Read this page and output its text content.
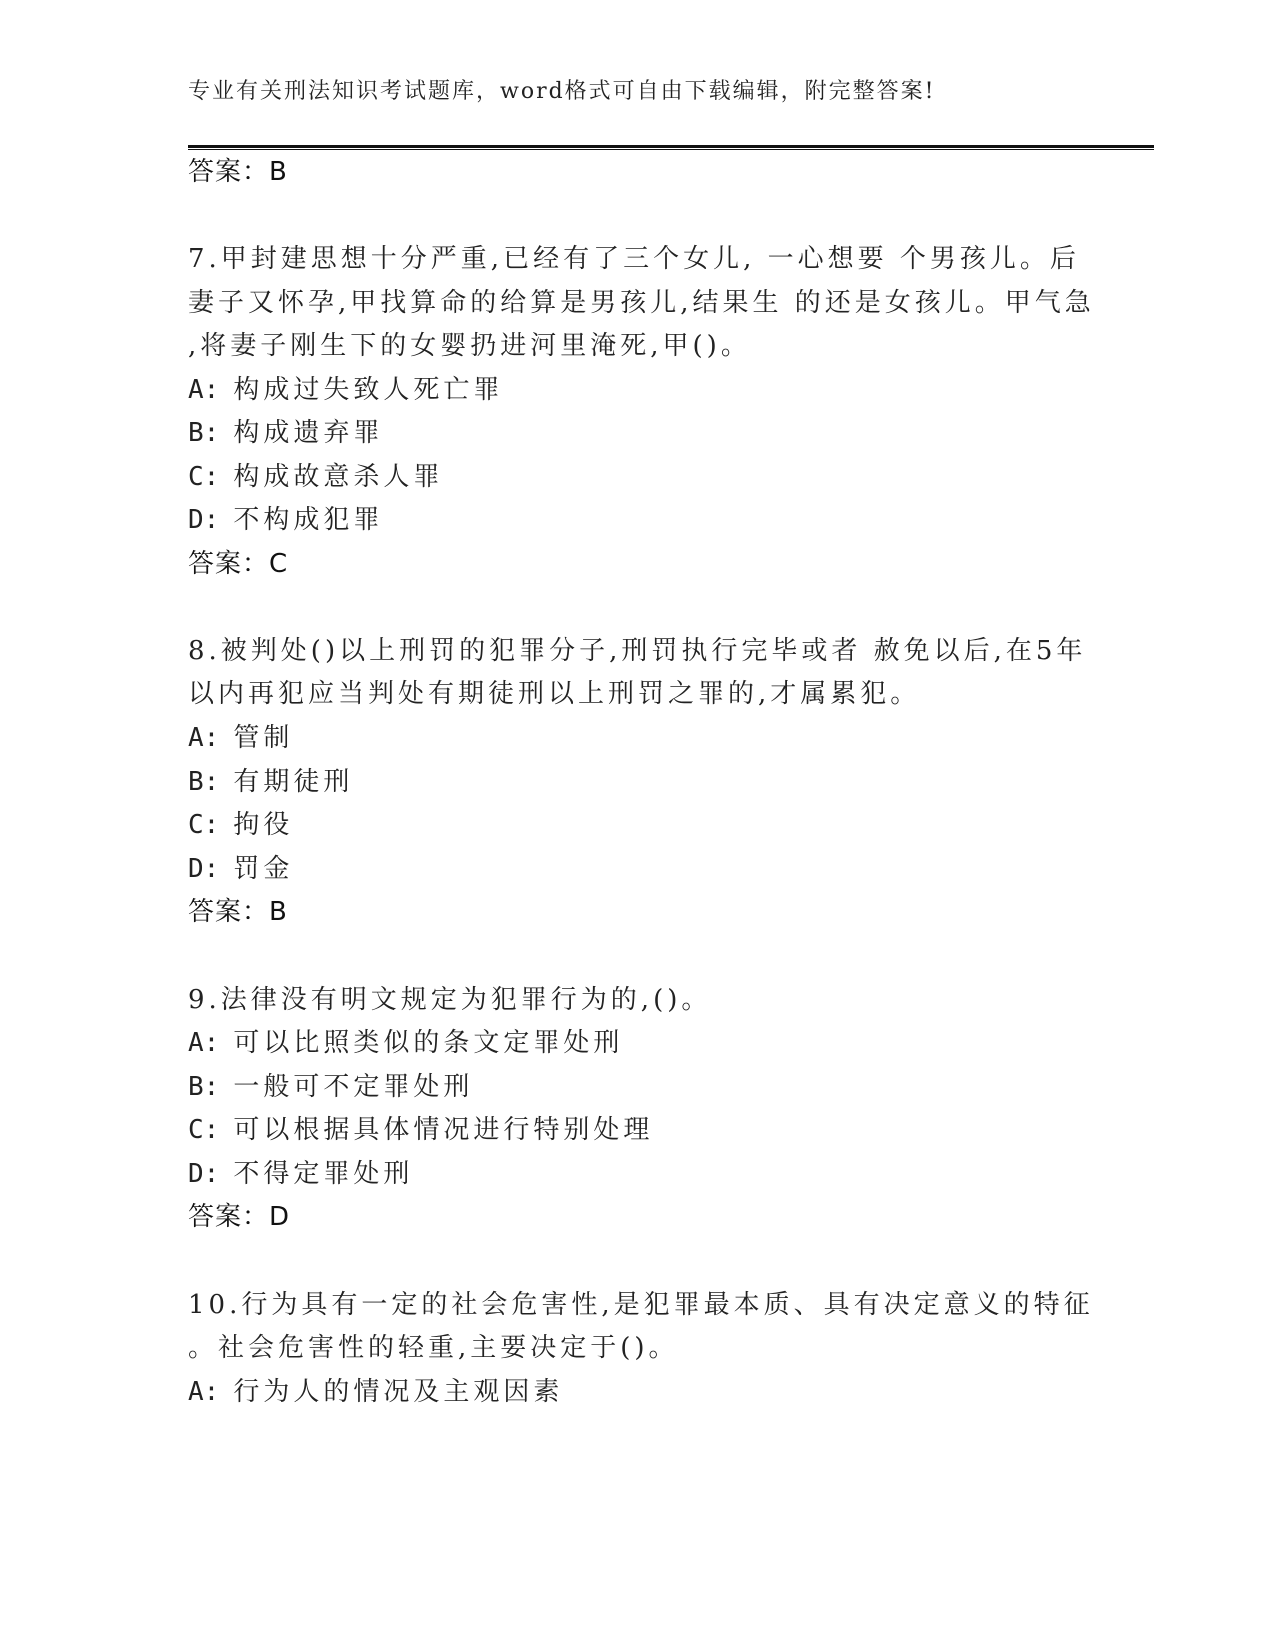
专业有关刑法知识考试题库，word格式可自由下载编辑，附完整答案!
答案：B
7.甲封建思想十分严重,已经有了三个女儿, 一心想要 个男孩儿。后
妻子又怀孕,甲找算命的给算是男孩儿,结果生 的还是女孩儿。甲气急
,将妻子刚生下的女婴扔进河里淹死,甲()。
A: 构成过失致人死亡罪
B: 构成遗弃罪
C: 构成故意杀人罪
D: 不构成犯罪
答案：C
8.被判处()以上刑罚的犯罪分子,刑罚执行完毕或者 赦免以后,在5年
以内再犯应当判处有期徒刑以上刑罚之罪的,才属累犯。
A: 管制
B: 有期徒刑
C: 拘役
D: 罚金
答案：B
9.法律没有明文规定为犯罪行为的,()。
A: 可以比照类似的条文定罪处刑
B: 一般可不定罪处刑
C: 可以根据具体情况进行特别处理
D: 不得定罪处刑
答案：D
10.行为具有一定的社会危害性,是犯罪最本质、具有决定意义的特征
。社会危害性的轻重,主要决定于()。
A: 行为人的情况及主观因素
